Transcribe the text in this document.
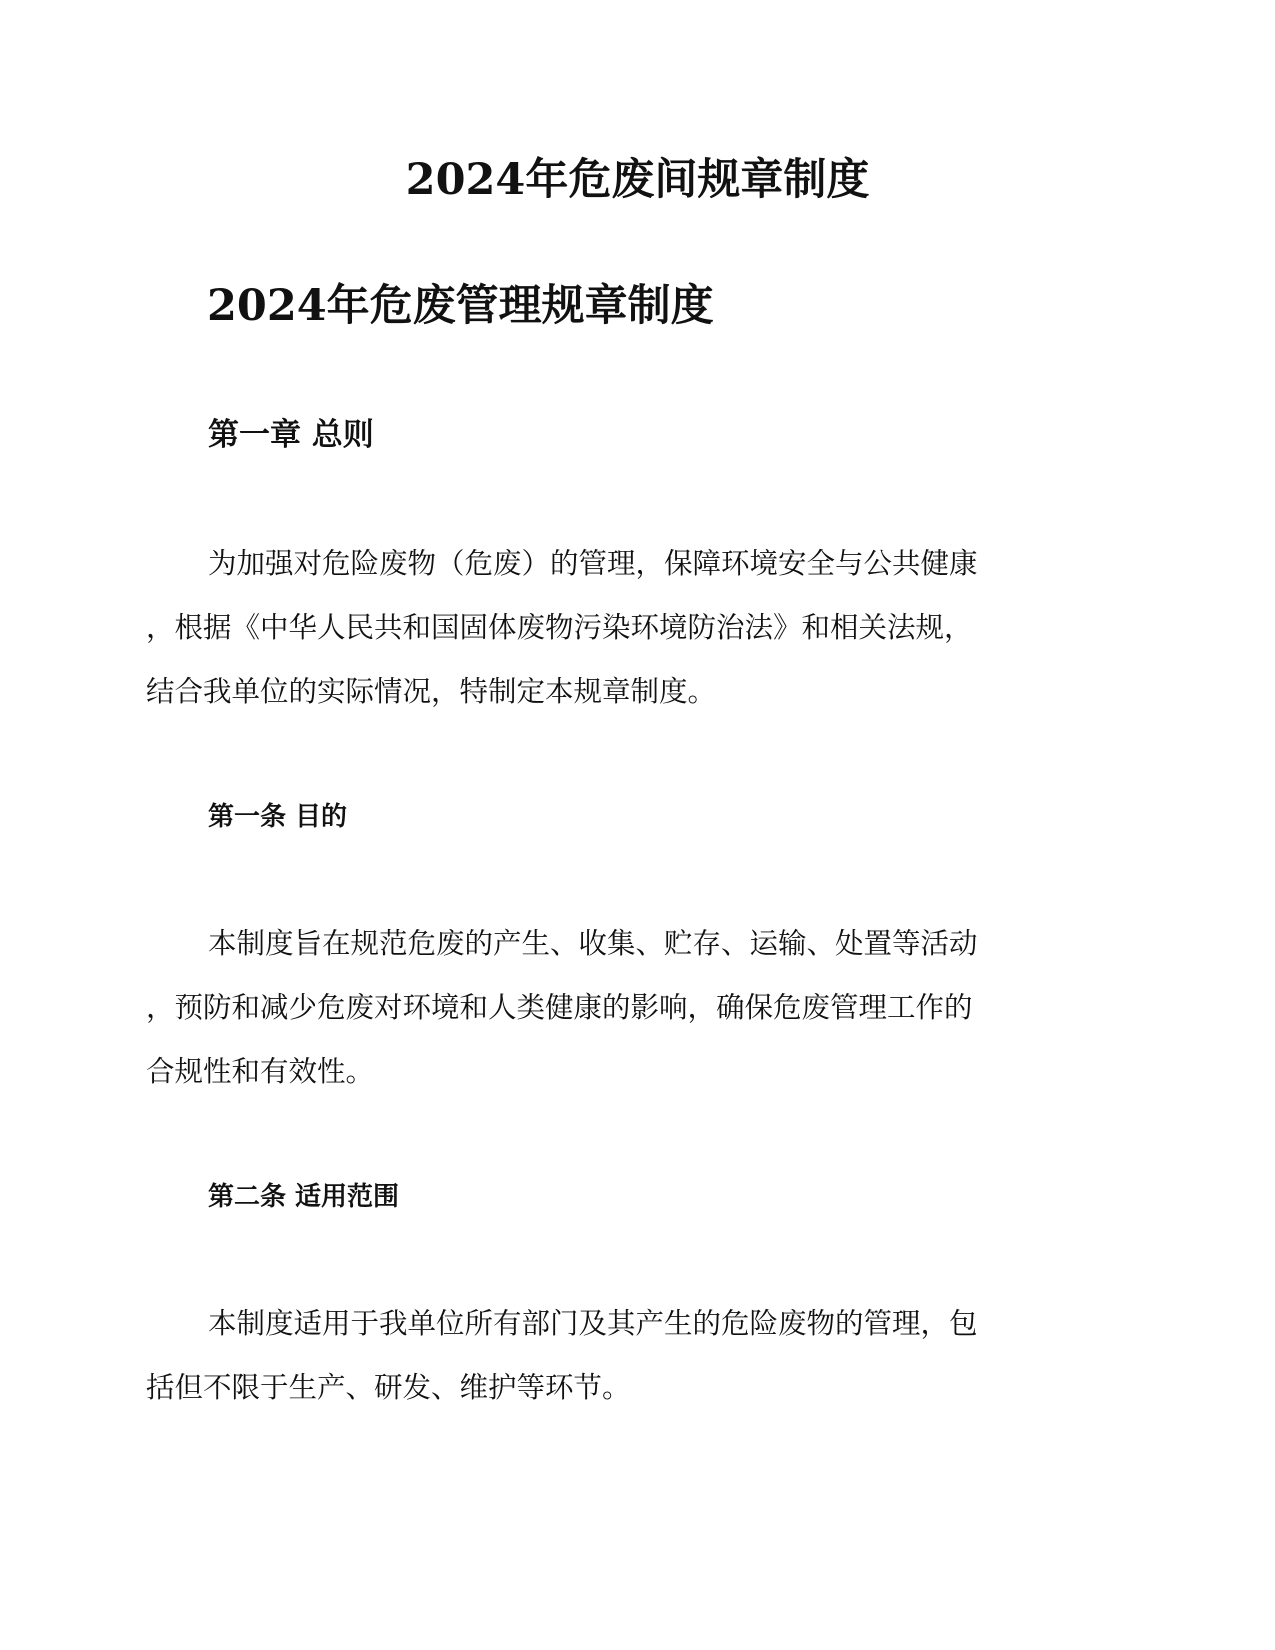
2024年危废间规章制度
2024年危废管理规章制度
第一章 总则
为加强对危险废物（危废）的管理，保障环境安全与公共健康
，根据《中华人民共和国固体废物污染环境防治法》和相关法规，
结合我单位的实际情况，特制定本规章制度。
第一条 目的
本制度旨在规范危废的产生、收集、贮存、运输、处置等活动
，预防和减少危废对环境和人类健康的影响，确保危废管理工作的
合规性和有效性。
第二条 适用范围
本制度适用于我单位所有部门及其产生的危险废物的管理，包
括但不限于生产、研发、维护等环节。
